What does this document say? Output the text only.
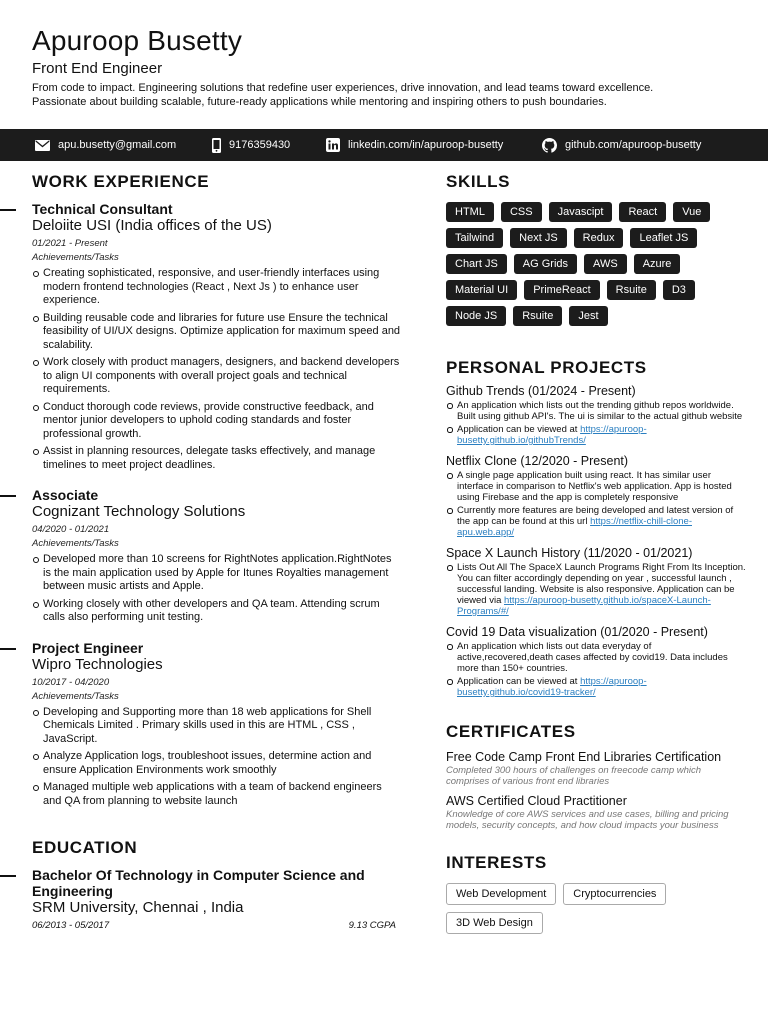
Apuroop Busetty
Front End Engineer

From code to impact. Engineering solutions that redefine user experiences, drive innovation, and lead teams toward excellence.

Passionate about building scalable, future-ready applications while mentoring and inspiring others to push boundaries.

apu.busetty@gmail.com	9176359430	linkedin.com/in/apuroop-busetty	github.com/apuroop-busetty
WORK EXPERIENCE
Technical Consultant
Deloiite USI (India offices of the US)
01/2021 - Present
Achievements/Tasks
Creating sophisticated, responsive, and user-friendly interfaces using modern frontend technologies (React , Next Js ) to enhance user experience.
Building reusable code and libraries for future use Ensure the technical feasibility of UI/UX designs. Optimize application for maximum speed and scalability.
Work closely with product managers, designers, and backend developers to align UI components with overall project goals and technical requirements.
Conduct thorough code reviews, provide constructive feedback, and mentor junior developers to uphold coding standards and foster professional growth.
Assist in planning resources, delegate tasks effectively, and manage timelines to meet project deadlines.
Associate
Cognizant Technology Solutions
04/2020 - 01/2021
Achievements/Tasks
Developed more than 10 screens for RightNotes application.RightNotes is the main application used by Apple for Itunes Royalties management between music artists and Apple.
Working closely with other developers and QA team. Attending scrum calls also performing unit testing.
Project Engineer
Wipro Technologies
10/2017 - 04/2020
Achievements/Tasks
Developing and Supporting more than 18 web applications for Shell Chemicals Limited . Primary skills used in this are HTML , CSS , JavaScript.
Analyze Application logs, troubleshoot issues, determine action and ensure Application Environments work smoothly
Managed multiple web applications with a team of backend engineers and QA from planning to website launch
EDUCATION
Bachelor Of Technology in Computer Science and Engineering
SRM University, Chennai , India
06/2013 - 05/2017	9.13 CGPA
SKILLS
HTML	CSS	Javascipt	React	Vue
Tailwind	Next JS	Redux	Leaflet JS
Chart JS	AG Grids	AWS	Azure
Material UI	PrimeReact	Rsuite	D3
Node JS	Rsuite	Jest
PERSONAL PROJECTS
Github Trends (01/2024 - Present)
An application which lists out the trending github repos worldwide. Built using github API's. The ui is similar to the actual github website
Application can be viewed at https://apuroop-busetty.github.io/githubTrends/
Netflix Clone (12/2020 - Present)
A single page application built using react. It has similar user interface in comparison to Netflix's web application. App is hosted using Firebase and the app is completely responsive
Currently more features are being developed and latest version of the app can be found at this url https://netflix-chill-clone-apu.web.app/
Space X Launch History (11/2020 - 01/2021)
Lists Out All The SpaceX Launch Programs Right From Its Inception. You can filter accordingly depending on year , successful launch , successful landing. Website is also responsive. Application can be viewed via https://apuroop-busetty.github.io/spaceX-Launch-Programs/#/
Covid 19 Data visualization (01/2020 - Present)
An application which lists out data everyday of active,recovered,death cases affected by covid19. Data includes more than 150+ countries.
Application can be viewed at https://apuroop-busetty.github.io/covid19-tracker/
CERTIFICATES
Free Code Camp Front End Libraries Certification
Completed 300 hours of challenges on freecode camp which comprises of various front end libraries
AWS Certified Cloud Practitioner
Knowledge of core AWS services and use cases, billing and pricing models, security concepts, and how cloud impacts your business
INTERESTS
Web Development	Cryptocurrencies
3D Web Design
